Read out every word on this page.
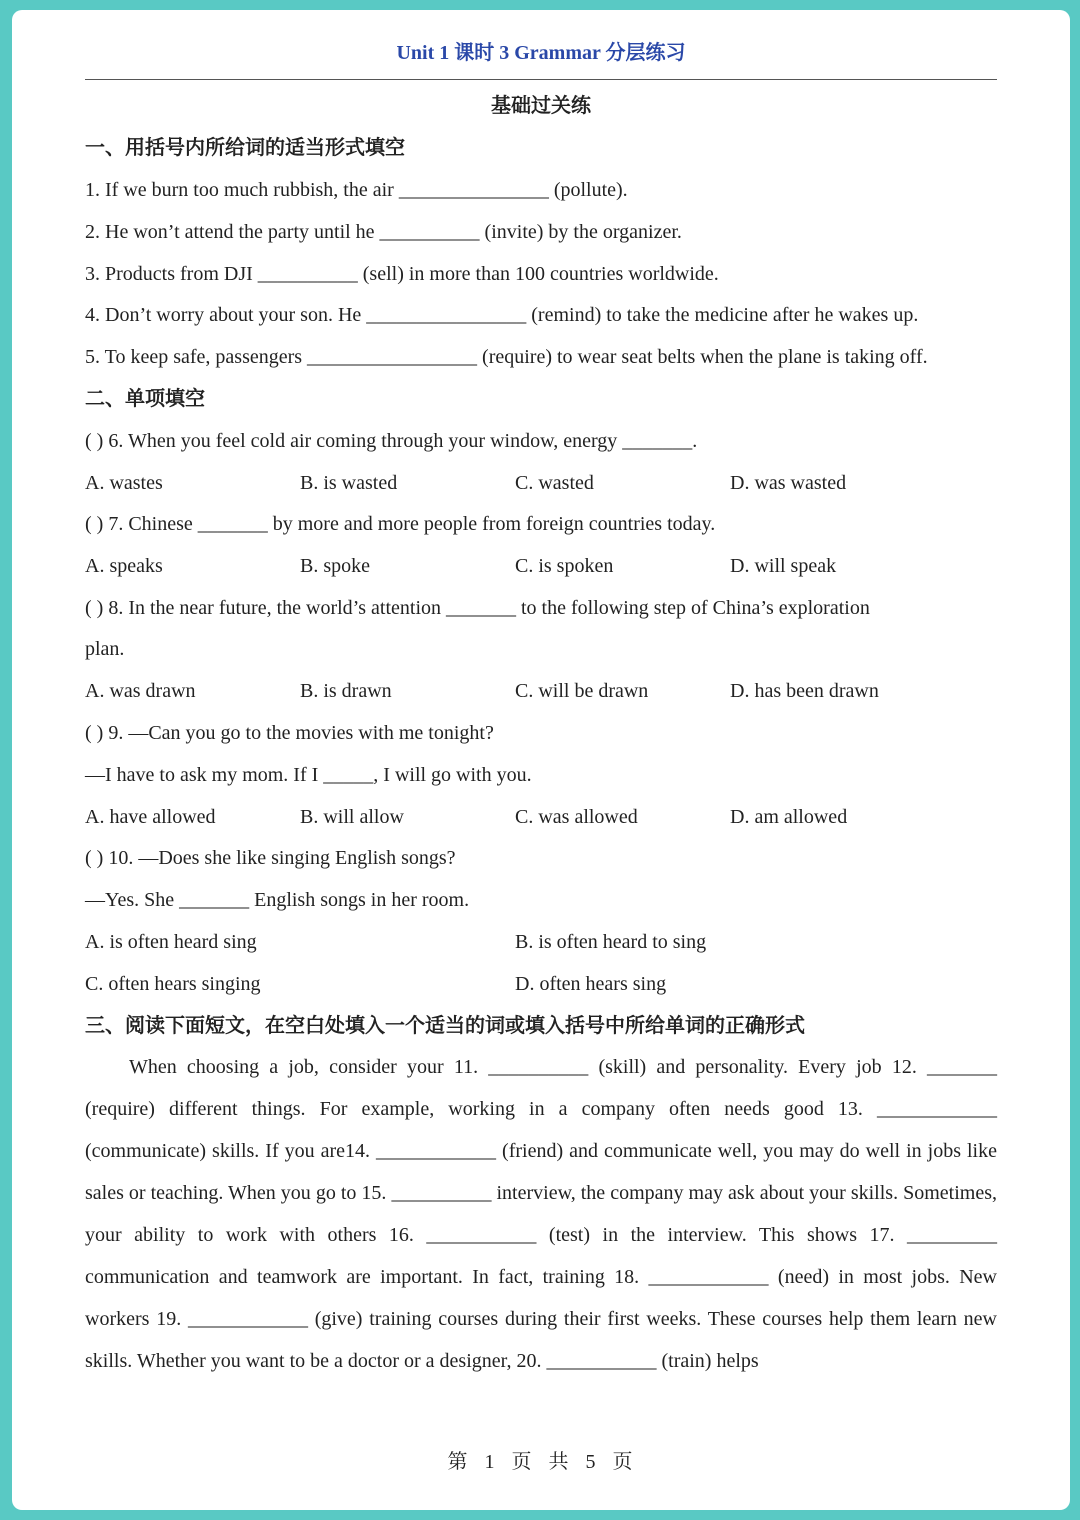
Unit 1 课时 3 Grammar 分层练习
基础过关练
一、用括号内所给词的适当形式填空
1. If we burn too much rubbish, the air _______________ (pollute).
2. He won’t attend the party until he __________ (invite) by the organizer.
3. Products from DJI __________ (sell) in more than 100 countries worldwide.
4. Don’t worry about your son. He ________________ (remind) to take the medicine after he wakes up.
5. To keep safe, passengers _________________ (require) to wear seat belts when the plane is taking off.
二、单项填空
( ) 6. When you feel cold air coming through your window, energy _______.
A. wastes	B. is wasted	C. wasted	D. was wasted
( ) 7. Chinese _______ by more and more people from foreign countries today.
A. speaks	B. spoke	C. is spoken	D. will speak
( ) 8. In the near future, the world’s attention _______ to the following step of China’s exploration
plan.
A. was drawn	B. is drawn	C. will be drawn	D. has been drawn
( ) 9. —Can you go to the movies with me tonight?
—I have to ask my mom. If I _____, I will go with you.
A. have allowed	B. will allow	C. was allowed	D. am allowed
( ) 10. —Does she like singing English songs?
—Yes. She _______ English songs in her room.
A. is often heard sing	B. is often heard to sing
C. often hears singing	D. often hears sing
三、阅读下面短文，在空白处填入一个适当的词或填入括号中所给单词的正确形式
When choosing a job, consider your 11. __________ (skill) and personality. Every job 12. _______ (require) different things. For example, working in a company often needs good 13. ____________ (communicate) skills. If you are14. ____________ (friend) and communicate well, you may do well in jobs like sales or teaching. When you go to 15. __________ interview, the company may ask about your skills. Sometimes, your ability to work with others 16. ___________ (test) in the interview. This shows 17. _________ communication and teamwork are important. In fact, training 18. ____________ (need) in most jobs. New workers 19. ____________ (give) training courses during their first weeks. These courses help them learn new skills. Whether you want to be a doctor or a designer, 20. ___________ (train) helps
第 1 页 共 5 页
